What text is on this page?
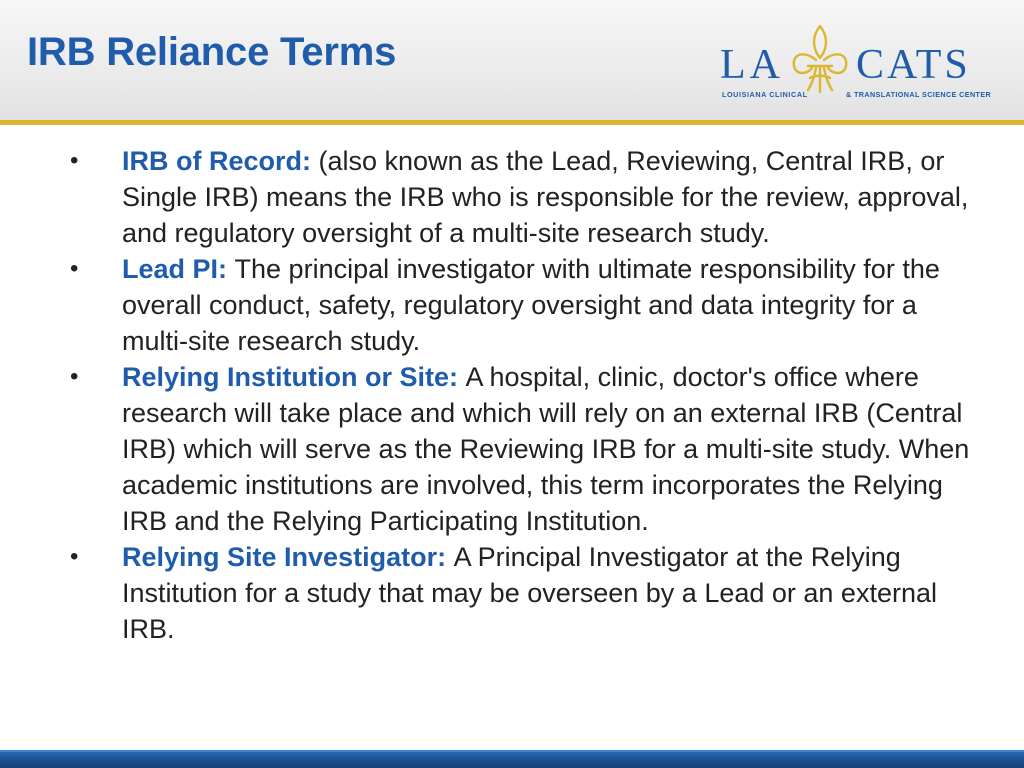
IRB Reliance Terms	LA CATS
LOUISIANA CLINICAL	& TRANSLATIONAL SCIENCE CENTER
• IRB of Record: (also known as the Lead, Reviewing, Central IRB, or Single IRB) means the IRB who is responsible for the review, approval, and regulatory oversight of a multi-site research study.
• Lead PI: The principal investigator with ultimate responsibility for the overall conduct, safety, regulatory oversight and data integrity for a multi-site research study.
• Relying Institution or Site: A hospital, clinic, doctor's office where research will take place and which will rely on an external IRB (Central IRB) which will serve as the Reviewing IRB for a multi-site study. When academic institutions are involved, this term incorporates the Relying IRB and the Relying Participating Institution.
• Relying Site Investigator: A Principal Investigator at the Relying Institution for a study that may be overseen by a Lead or an external IRB.
